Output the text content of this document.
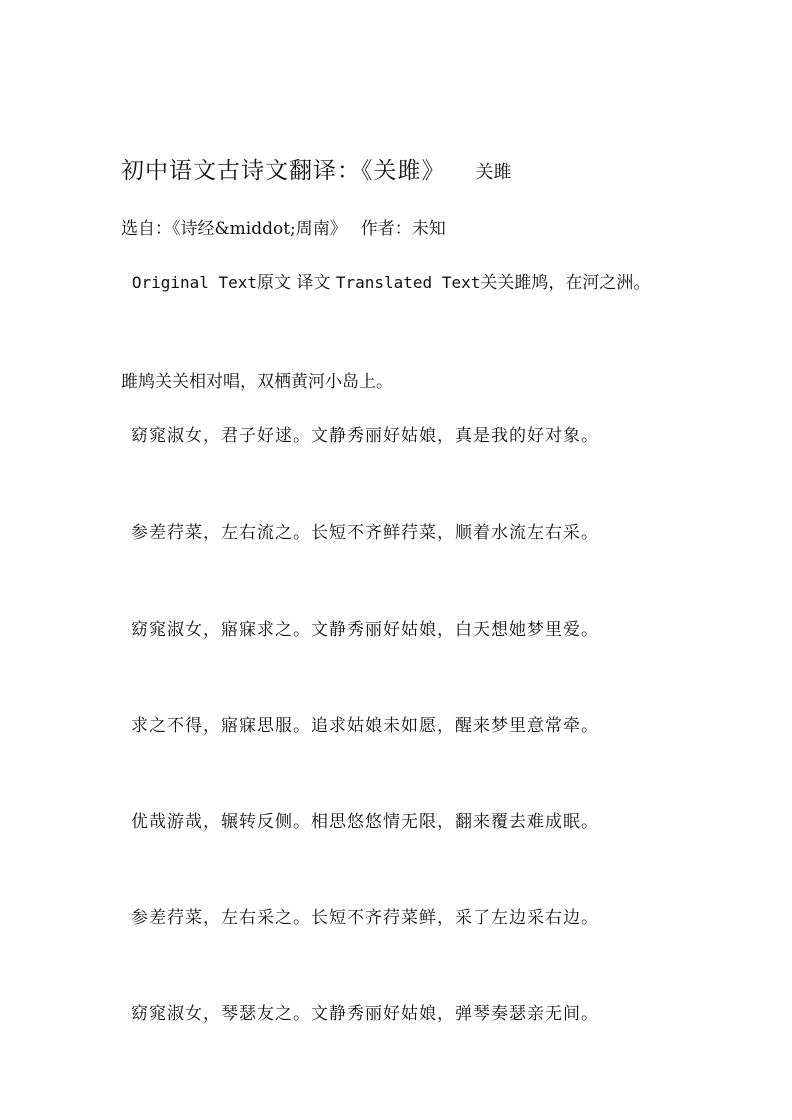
初中语文古诗文翻译：《关雎》 关雎
选自：《诗经&middot;周南》 作者：未知
Original Text原文 译文 Translated Text关关雎鸠，在河之洲。
雎鸠关关相对唱，双栖黄河小岛上。
窈窕淑女，君子好逑。文静秀丽好姑娘，真是我的好对象。
参差荇菜，左右流之。长短不齐鲜荇菜，顺着水流左右采。
窈窕淑女，寤寐求之。文静秀丽好姑娘，白天想她梦里爱。
求之不得，寤寐思服。追求姑娘未如愿，醒来梦里意常牵。
优哉游哉，辗转反侧。相思悠悠情无限，翻来覆去难成眠。
参差荇菜，左右采之。长短不齐荇菜鲜，采了左边采右边。
窈窕淑女，琴瑟友之。文静秀丽好姑娘，弹琴奏瑟亲无间。
